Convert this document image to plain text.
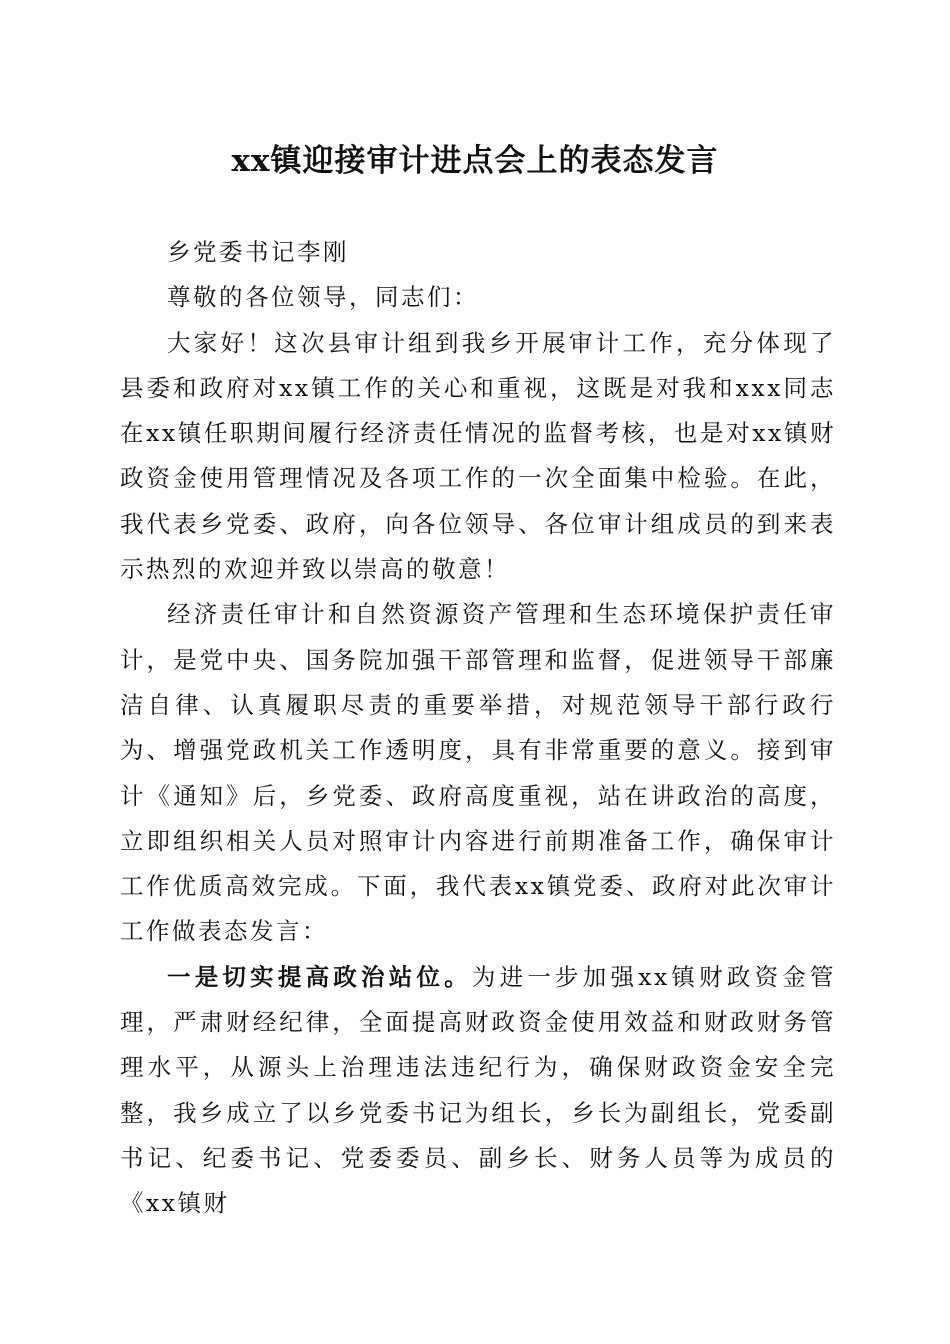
xx镇迎接审计进点会上的表态发言

乡党委书记李刚

尊敬的各位领导，同志们：

大家好！这次县审计组到我乡开展审计工作，充分体现了县委和政府对xx镇工作的关心和重视，这既是对我和xxx同志在xx镇任职期间履行经济责任情况的监督考核，也是对xx镇财政资金使用管理情况及各项工作的一次全面集中检验。在此，我代表乡党委、政府，向各位领导、各位审计组成员的到来表示热烈的欢迎并致以崇高的敬意！

经济责任审计和自然资源资产管理和生态环境保护责任审计，是党中央、国务院加强干部管理和监督，促进领导干部廉洁自律、认真履职尽责的重要举措，对规范领导干部行政行为、增强党政机关工作透明度，具有非常重要的意义。接到审计《通知》后，乡党委、政府高度重视，站在讲政治的高度，立即组织相关人员对照审计内容进行前期准备工作，确保审计工作优质高效完成。下面，我代表xx镇党委、政府对此次审计工作做表态发言：

一是切实提高政治站位。为进一步加强xx镇财政资金管理，严肃财经纪律，全面提高财政资金使用效益和财政财务管理水平，从源头上治理违法违纪行为，确保财政资金安全完整，我乡成立了以乡党委书记为组长，乡长为副组长，党委副书记、纪委书记、党委委员、副乡长、财务人员等为成员的《xx镇财
